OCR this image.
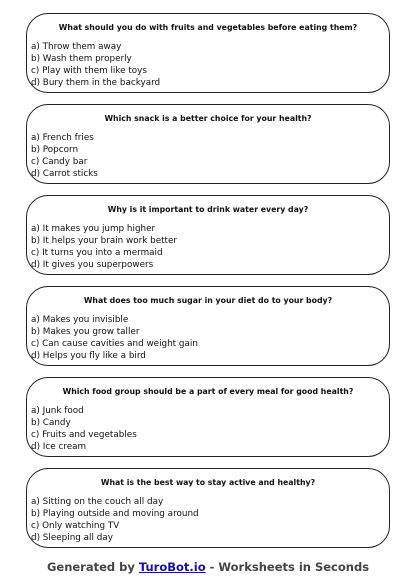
What should you do with fruits and vegetables before eating them?
a) Throw them away
b) Wash them properly
c) Play with them like toys
d) Bury them in the backyard
Which snack is a better choice for your health?
a) French fries
b) Popcorn
c) Candy bar
d) Carrot sticks
Why is it important to drink water every day?
a) It makes you jump higher
b) It helps your brain work better
c) It turns you into a mermaid
d) It gives you superpowers
What does too much sugar in your diet do to your body?
a) Makes you invisible
b) Makes you grow taller
c) Can cause cavities and weight gain
d) Helps you fly like a bird
Which food group should be a part of every meal for good health?
a) Junk food
b) Candy
c) Fruits and vegetables
d) Ice cream
What is the best way to stay active and healthy?
a) Sitting on the couch all day
b) Playing outside and moving around
c) Only watching TV
d) Sleeping all day
Generated by TuroBot.io - Worksheets in Seconds
